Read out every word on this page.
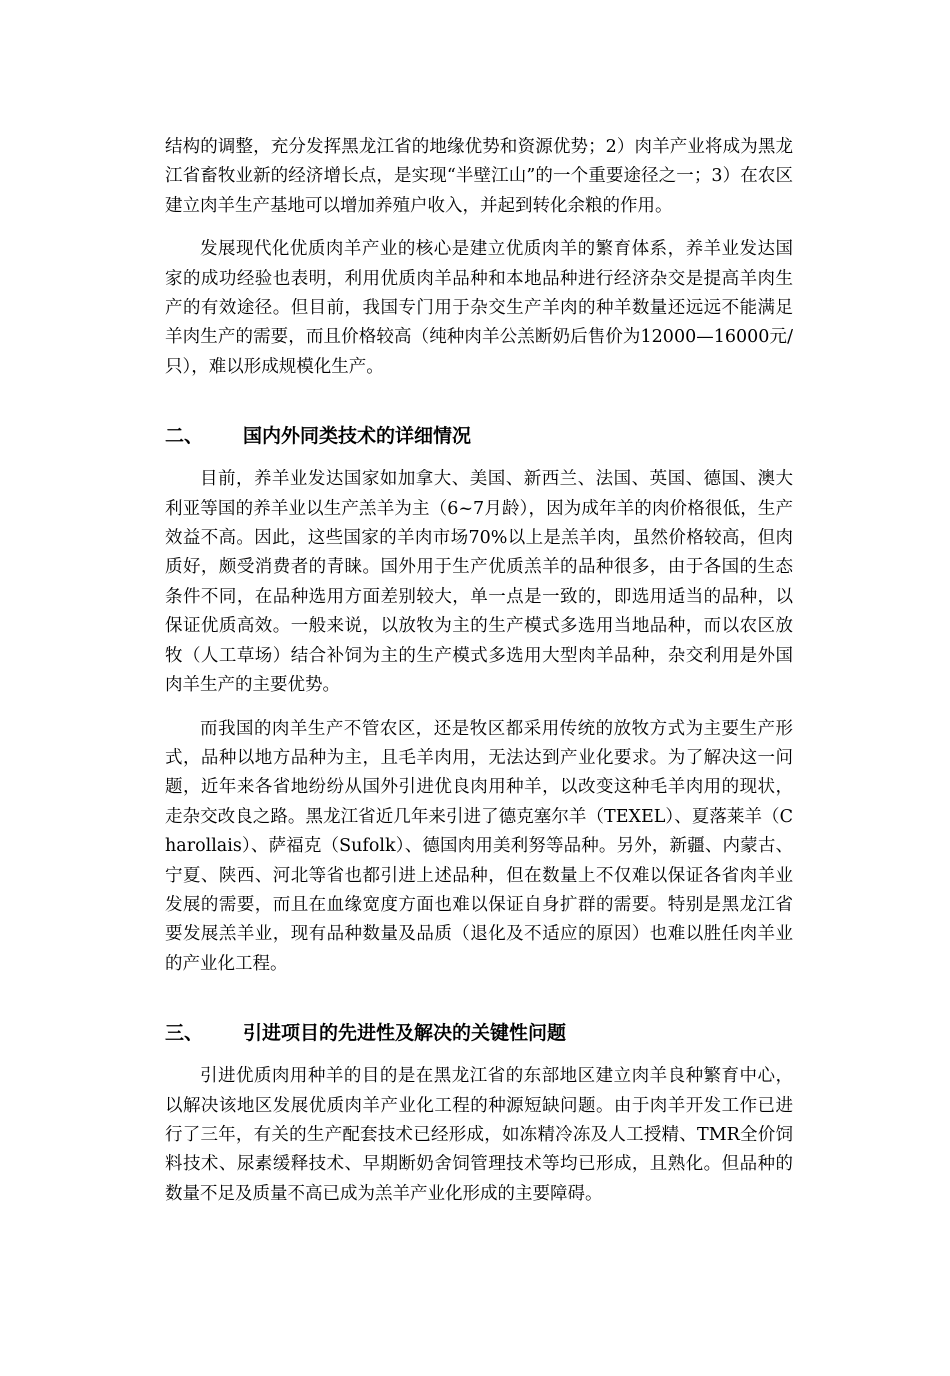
结构的调整，充分发挥黑龙江省的地缘优势和资源优势；2）肉羊产业将成为黑龙江省畜牧业新的经济增长点，是实现“半壁江山”的一个重要途径之一；3）在农区建立肉羊生产基地可以增加养殖户收入，并起到转化余粮的作用。

发展现代化优质肉羊产业的核心是建立优质肉羊的繁育体系，养羊业发达国家的成功经验也表明，利用优质肉羊品种和本地品种进行经济杂交是提高羊肉生产的有效途径。但目前，我国专门用于杂交生产羊肉的种羊数量还远远不能满足羊肉生产的需要，而且价格较高（纯种肉羊公羔断奶后售价为12000—16000元/只），难以形成规模化生产。

二、	国内外同类技术的详细情况

目前，养羊业发达国家如加拿大、美国、新西兰、法国、英国、德国、澳大利亚等国的养羊业以生产羔羊为主（6~7月龄），因为成年羊的肉价格很低，生产效益不高。因此，这些国家的羊肉市场70%以上是羔羊肉，虽然价格较高，但肉质好，颇受消费者的青睐。国外用于生产优质羔羊的品种很多，由于各国的生态条件不同，在品种选用方面差别较大，单一点是一致的，即选用适当的品种，以保证优质高效。一般来说，以放牧为主的生产模式多选用当地品种，而以农区放牧（人工草场）结合补饲为主的生产模式多选用大型肉羊品种，杂交利用是外国肉羊生产的主要优势。

而我国的肉羊生产不管农区，还是牧区都采用传统的放牧方式为主要生产形式，品种以地方品种为主，且毛羊肉用，无法达到产业化要求。为了解决这一问题，近年来各省地纷纷从国外引进优良肉用种羊，以改变这种毛羊肉用的现状，走杂交改良之路。黑龙江省近几年来引进了德克塞尔羊（TEXEL）、夏落莱羊（Charollais）、萨福克（Sufolk）、德国肉用美利努等品种。另外，新疆、内蒙古、宁夏、陕西、河北等省也都引进上述品种，但在数量上不仅难以保证各省肉羊业发展的需要，而且在血缘宽度方面也难以保证自身扩群的需要。特别是黑龙江省要发展羔羊业，现有品种数量及品质（退化及不适应的原因）也难以胜任肉羊业的产业化工程。

三、	引进项目的先进性及解决的关键性问题

引进优质肉用种羊的目的是在黑龙江省的东部地区建立肉羊良种繁育中心，以解决该地区发展优质肉羊产业化工程的种源短缺问题。由于肉羊开发工作已进行了三年，有关的生产配套技术已经形成，如冻精冷冻及人工授精、TMR全价饲料技术、尿素缓释技术、早期断奶舍饲管理技术等均已形成，且熟化。但品种的数量不足及质量不高已成为羔羊产业化形成的主要障碍。
